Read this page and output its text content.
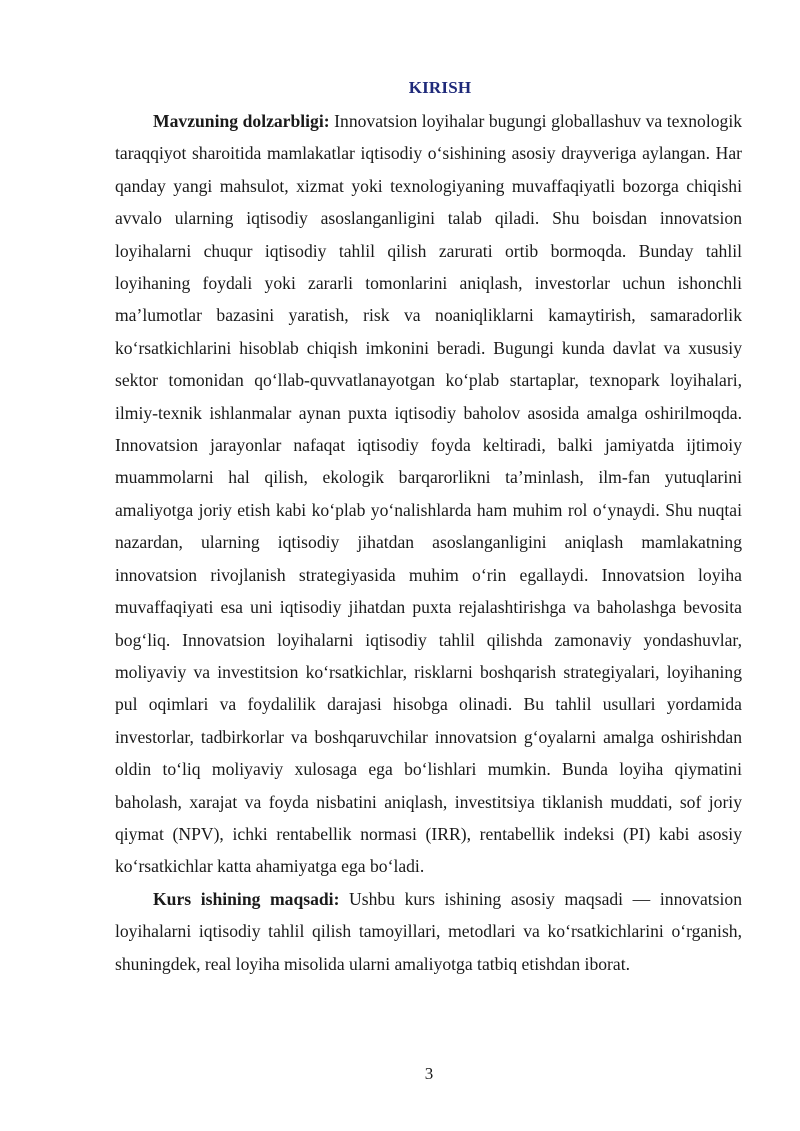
KIRISH

Mavzuning dolzarbligi: Innovatsion loyihalar bugungi globallashuv va texnologik taraqqiyot sharoitida mamlakatlar iqtisodiy o‘sishining asosiy drayveriga aylangan. Har qanday yangi mahsulot, xizmat yoki texnologiyaning muvaffaqiyatli bozorga chiqishi avvalo ularning iqtisodiy asoslanganligini talab qiladi. Shu boisdan innovatsion loyihalarni chuqur iqtisodiy tahlil qilish zarurati ortib bormoqda. Bunday tahlil loyihaning foydali yoki zararli tomonlarini aniqlash, investorlar uchun ishonchli ma’lumotlar bazasini yaratish, risk va noaniqliklarni kamaytirish, samaradorlik ko‘rsatkichlarini hisoblab chiqish imkonini beradi. Bugungi kunda davlat va xususiy sektor tomonidan qo‘llab-quvvatlanayotgan ko‘plab startaplar, texnopark loyihalari, ilmiy-texnik ishlanmalar aynan puxta iqtisodiy baholov asosida amalga oshirilmoqda. Innovatsion jarayonlar nafaqat iqtisodiy foyda keltiradi, balki jamiyatda ijtimoiy muammolarni hal qilish, ekologik barqarorlikni ta’minlash, ilm-fan yutuqlarini amaliyotga joriy etish kabi ko‘plab yo‘nalishlarda ham muhim rol o‘ynaydi. Shu nuqtai nazardan, ularning iqtisodiy jihatdan asoslanganligini aniqlash mamlakatning innovatsion rivojlanish strategiyasida muhim o‘rin egallaydi. Innovatsion loyiha muvaffaqiyati esa uni iqtisodiy jihatdan puxta rejalashtirishga va baholashga bevosita bog‘liq. Innovatsion loyihalarni iqtisodiy tahlil qilishda zamonaviy yondashuvlar, moliyaviy va investitsion ko‘rsatkichlar, risklarni boshqarish strategiyalari, loyihaning pul oqimlari va foydalilik darajasi hisobga olinadi. Bu tahlil usullari yordamida investorlar, tadbirkorlar va boshqaruvchilar innovatsion g‘oyalarni amalga oshirishdan oldin to‘liq moliyaviy xulosaga ega bo‘lishlari mumkin. Bunda loyiha qiymatini baholash, xarajat va foyda nisbatini aniqlash, investitsiya tiklanish muddati, sof joriy qiymat (NPV), ichki rentabellik normasi (IRR), rentabellik indeksi (PI) kabi asosiy ko‘rsatkichlar katta ahamiyatga ega bo‘ladi.

Kurs ishining maqsadi: Ushbu kurs ishining asosiy maqsadi — innovatsion loyihalarni iqtisodiy tahlil qilish tamoyillari, metodlari va ko‘rsatkichlarini o‘rganish, shuningdek, real loyiha misolida ularni amaliyotga tatbiq etishdan iborat.

3
